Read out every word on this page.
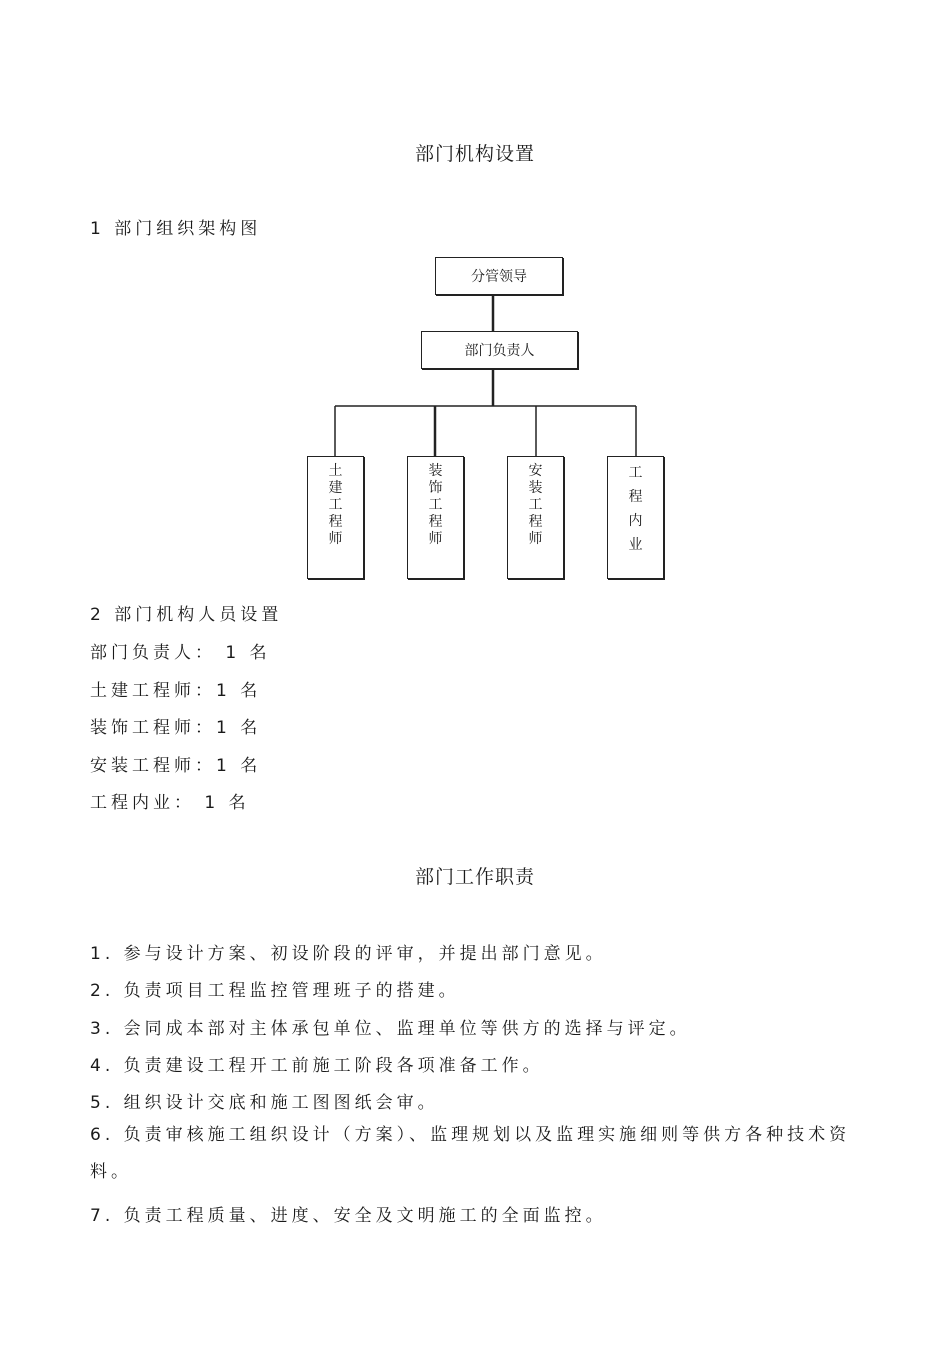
部门机构设置
1 部门组织架构图
分管领导
部门负责人
土
建
工
程
师
装
饰
工
程
师
安
装
工
程
师
工
程
内
业
2 部门机构人员设置
部门负责人： 1 名
土建工程师：1 名
装饰工程师：1 名
安装工程师：1 名
工程内业： 1 名
部门工作职责
1. 参与设计方案、初设阶段的评审，并提出部门意见。
2. 负责项目工程监控管理班子的搭建。
3. 会同成本部对主体承包单位、监理单位等供方的选择与评定。
4. 负责建设工程开工前施工阶段各项准备工作。
5. 组织设计交底和施工图图纸会审。
6. 负责审核施工组织设计（方案）、监理规划以及监理实施细则等供方各种技术资料。
7. 负责工程质量、进度、安全及文明施工的全面监控。
